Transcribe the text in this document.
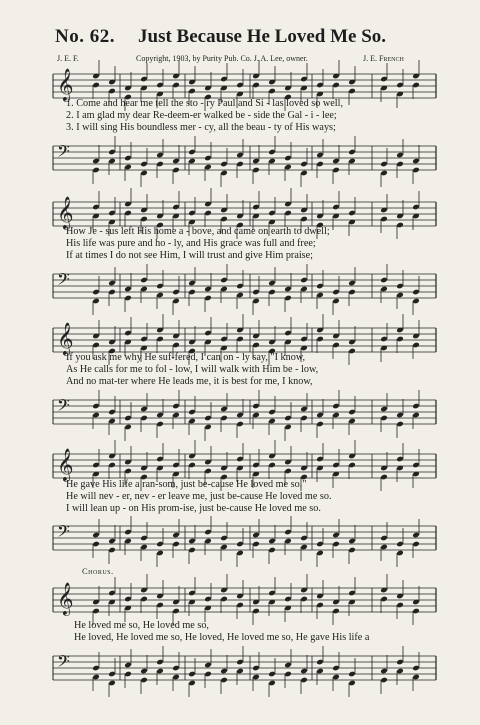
No. 62. Just Because He Loved Me So.
J. E. F.	Copyright, 1903, by Purity Pub. Co. J. A. Lee, owner.	J. E. French
𝄞
1. Come and hear me tell the sto - ry Paul and Si - las loved so well,
2. I am glad my dear Re-deem-er walked be - side the Gal - i - lee;
3. I will sing His boundless mer - cy, all the beau - ty of His ways;
𝄢
𝄞
How Je - sus left His home a - bove, and came on earth to dwell;
His life was pure and ho - ly, and His grace was full and free;
If at times I do not see Him, I will trust and give Him praise;
𝄢
𝄞
If you ask me why He suf-fered, I can on - ly say, "I know,
As He calls for me to fol - low, I will walk with Him be - low,
And no mat-ter where He leads me, it is best for me, I know,
𝄢
𝄞
He gave His life a ran-som, just be-cause He loved me so."
He will nev - er, nev - er leave me, just be-cause He loved me so.
I will lean up - on His prom-ise, just be-cause He loved me so.
𝄢
Chorus.
𝄞
He loved me so, He loved me so,
He loved, He loved me so, He loved, He loved me so, He gave His life a
𝄢
